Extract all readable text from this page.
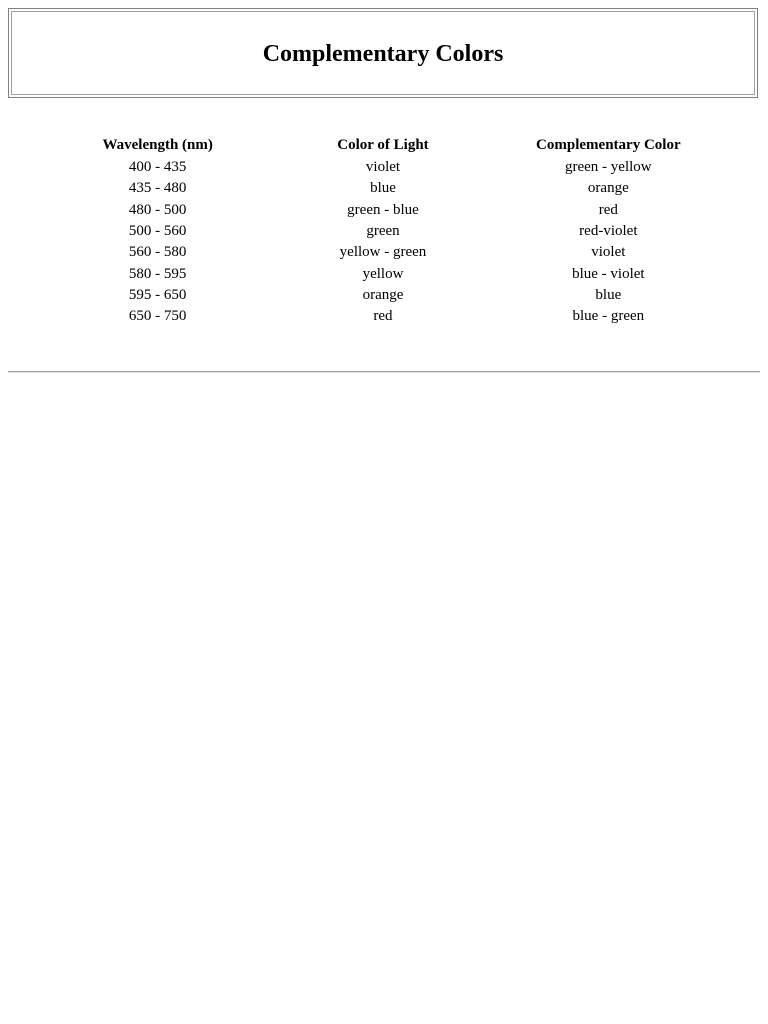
Complementary Colors
Wavelength (nm)	Color of Light	Complementary Color
400 - 435	violet	green - yellow
435 - 480	blue	orange
480 - 500	green - blue	red
500 - 560	green	red-violet
560 - 580	yellow - green	violet
580 - 595	yellow	blue - violet
595 - 650	orange	blue
650 - 750	red	blue - green
